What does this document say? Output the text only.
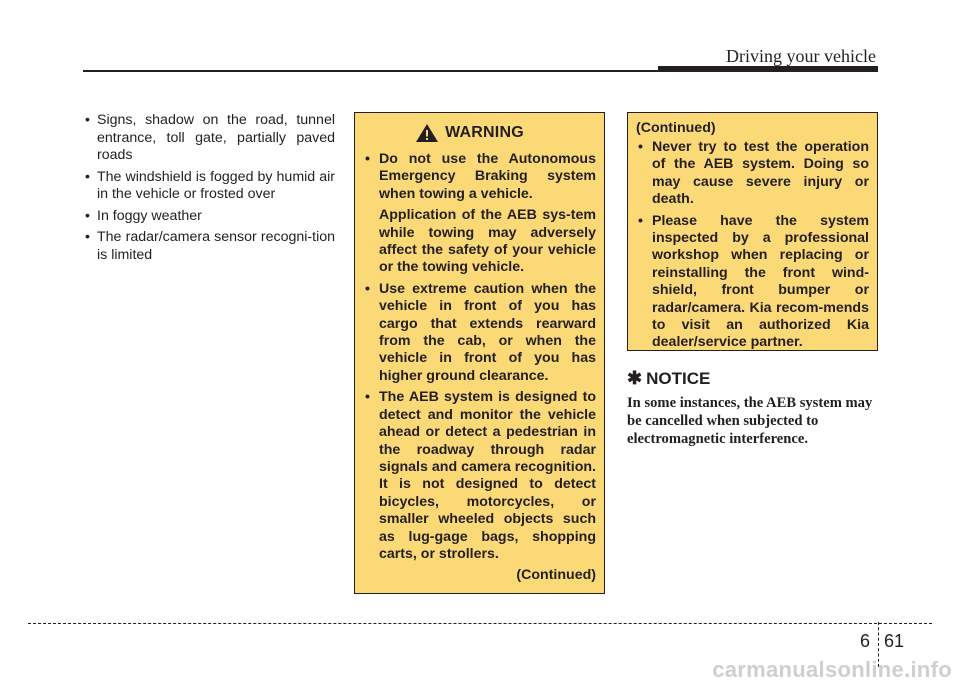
Driving your vehicle
• Signs, shadow on the road, tunnel entrance, toll gate, partially paved roads
• The windshield is fogged by humid air in the vehicle or frosted over
• In foggy weather
• The radar/camera sensor recogni-tion is limited
WARNING
• Do not use the Autonomous Emergency Braking system when towing a vehicle.
Application of the AEB sys-tem while towing may adversely affect the safety of your vehicle or the towing vehicle.
• Use extreme caution when the vehicle in front of you has cargo that extends rearward from the cab, or when the vehicle in front of you has higher ground clearance.
• The AEB system is designed to detect and monitor the vehicle ahead or detect a pedestrian in the roadway through radar signals and camera recognition. It is not designed to detect bicycles, motorcycles, or smaller wheeled objects such as lug-gage bags, shopping carts, or strollers.
(Continued)
(Continued)
• Never try to test the operation of the AEB system. Doing so may cause severe injury or death.
• Please have the system inspected by a professional workshop when replacing or reinstalling the front wind-shield, front bumper or radar/camera. Kia recom-mends to visit an authorized Kia dealer/service partner.
✱ NOTICE
In some instances, the AEB system may be cancelled when subjected to electromagnetic interference.
6 61
carmanualsonline.info
